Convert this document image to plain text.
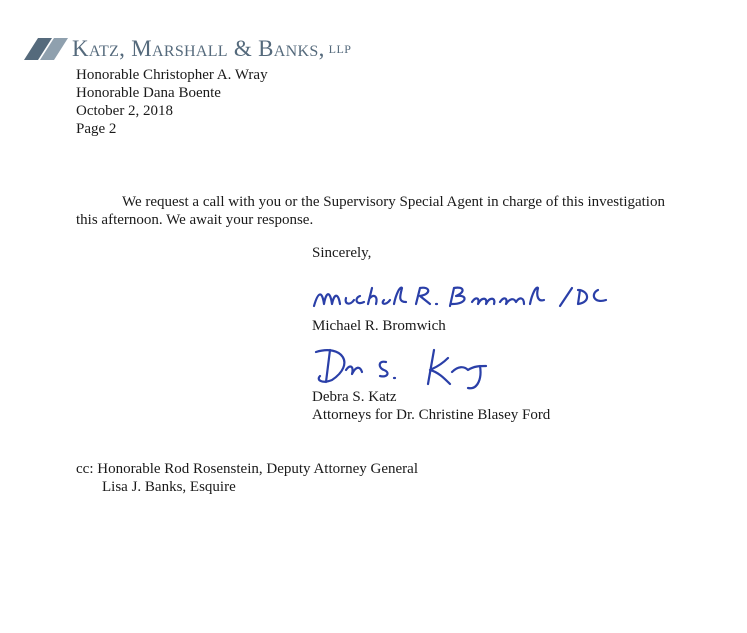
Katz, Marshall & Banks, LLP
Honorable Christopher A. Wray
Honorable Dana Boente
October 2, 2018
Page 2
We request a call with you or the Supervisory Special Agent in charge of this investigation
this afternoon. We await your response.
Sincerely,
Michael R. Bromwich
Debra S. Katz
Attorneys for Dr. Christine Blasey Ford
cc: Honorable Rod Rosenstein, Deputy Attorney General
Lisa J. Banks, Esquire
